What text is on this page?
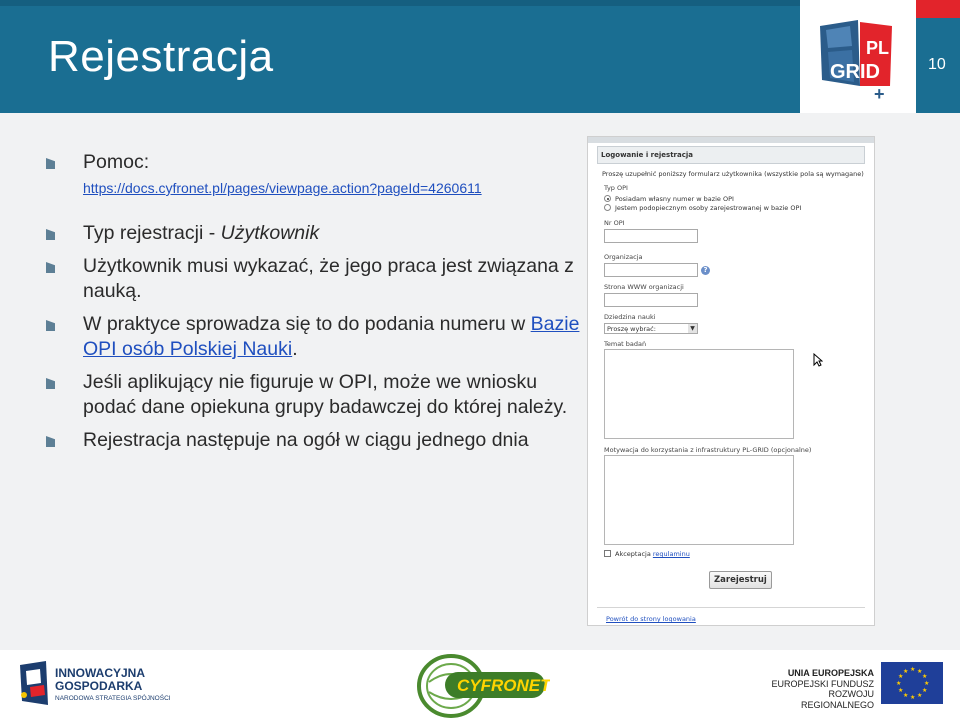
Rejestracja	PL
GRID
+
10
Pomoc:
https://docs.cyfronet.pl/pages/viewpage.action?pageId=4260611
Typ rejestracji - Użytkownik
Użytkownik musi wykazać, że jego praca jest związana z nauką.
W praktyce sprowadza się to do podania numeru w Bazie OPI osób Polskiej Nauki.
Jeśli aplikujący nie figuruje w OPI, może we wniosku podać dane opiekuna grupy badawczej do której należy.
Rejestracja następuje na ogół w ciągu jednego dnia
Logowanie i rejestracja
Proszę uzupełnić poniższy formularz użytkownika (wszystkie pola są wymagane)
Typ OPI
Posiadam własny numer w bazie OPI
Jestem podopiecznym osoby zarejestrowanej w bazie OPI
Nr OPI
Organizacja
?
Strona WWW organizacji
Dziedzina nauki
Proszę wybrać:	▼
Temat badań
Motywacja do korzystania z infrastruktury PL-GRID (opcjonalne)
Akceptacja regulaminu
Zarejestruj
Powrót do strony logowania
INNOWACYJNA
GOSPODARKA
NARODOWA STRATEGIA SPÓJNOŚCI
CYFRONET
UNIA EUROPEJSKA
EUROPEJSKI FUNDUSZ
ROZWOJU REGIONALNEGO
★ ★
★
★
★
★
★
★
★
★
★
★
